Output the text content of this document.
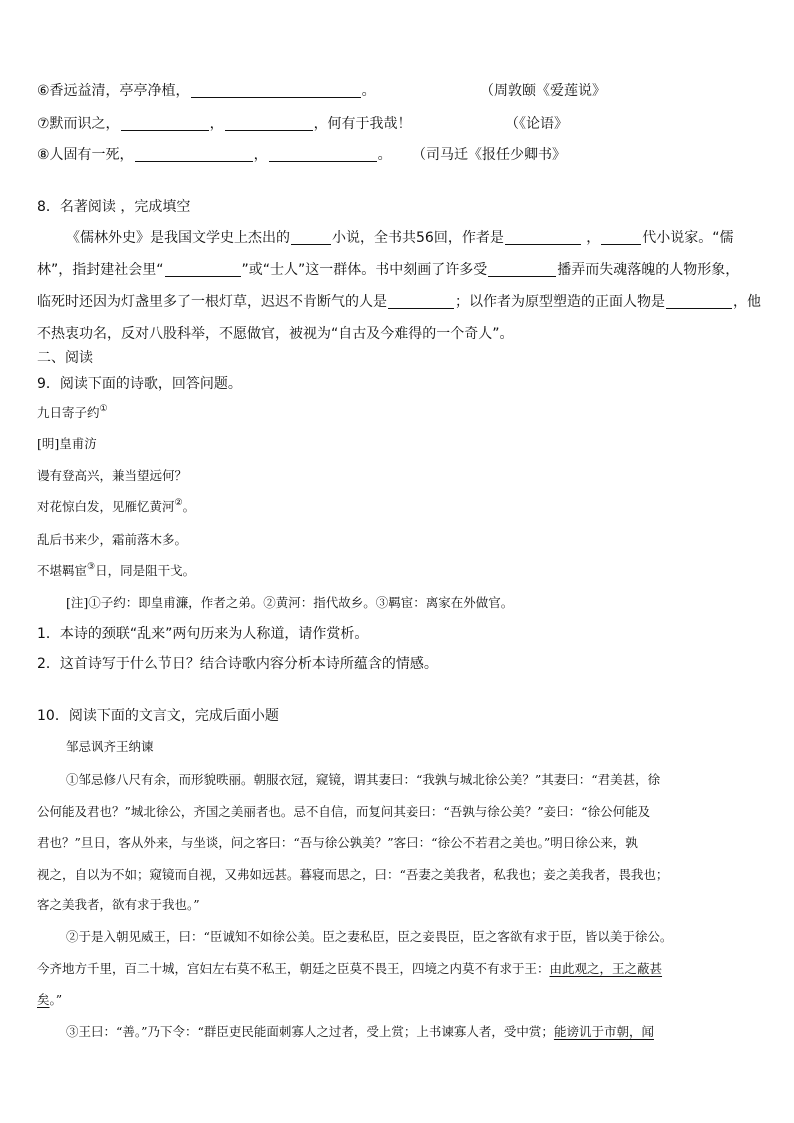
⑥香远益清，亭亭净植，	。	（周敦颐《爱莲说》
⑦默而识之，	，	，何有于我哉！	（《论语》
⑧人固有一死，	，	。 （司马迁《报任少卿书》
8．名著阅读 ，完成填空
《儒林外史》是我国文学史上杰出的	小说，全书共56回，作者是	，	代小说家。“儒
林”，指封建社会里“	”或“士人”这一群体。书中刻画了许多受	播弄而失魂落魄的人物形象，
临死时还因为灯盏里多了一根灯草，迟迟不肯断气的人是	；以作者为原型塑造的正面人物是	，他
不热衷功名，反对八股科举，不愿做官，被视为“自古及今难得的一个奇人”。
二、阅读
9．阅读下面的诗歌，回答问题。
九日寄子约①
[明]皇甫汸
谩有登高兴，兼当望远何？
对花惊白发，见雁忆黄河②。
乱后书来少，霜前落木多。
不堪羁宦③日，同是阻干戈。
[注]①子约：即皇甫濂，作者之弟。②黄河：指代故乡。③羁宦：离家在外做官。
1．本诗的颈联“乱来”两句历来为人称道，请作赏析。
2．这首诗写于什么节日？结合诗歌内容分析本诗所蕴含的情感。
10．阅读下面的文言文，完成后面小题
邹忌讽齐王纳谏
①邹忌修八尺有余，而形貌昳丽。朝服衣冠，窥镜，谓其妻曰：“我孰与城北徐公美？”其妻曰：“君美甚，徐
公何能及君也？”城北徐公，齐国之美丽者也。忌不自信，而复问其妾曰：“吾孰与徐公美？”妾曰：“徐公何能及
君也？”旦日，客从外来，与坐谈，问之客曰：“吾与徐公孰美？”客曰：“徐公不若君之美也。”明日徐公来，孰
视之，自以为不如；窥镜而自视，又弗如远甚。暮寝而思之，曰：“吾妻之美我者，私我也；妾之美我者，畏我也；
客之美我者，欲有求于我也。”
②于是入朝见威王，曰：“臣诚知不如徐公美。臣之妻私臣，臣之妾畏臣，臣之客欲有求于臣，皆以美于徐公。
今齐地方千里，百二十城，宫妇左右莫不私王，朝廷之臣莫不畏王，四境之内莫不有求于王：由此观之，王之蔽甚
矣。”
③王曰：“善。”乃下令：“群臣吏民能面刺寡人之过者，受上赏；上书谏寡人者，受中赏；能谤讥于市朝，闻
